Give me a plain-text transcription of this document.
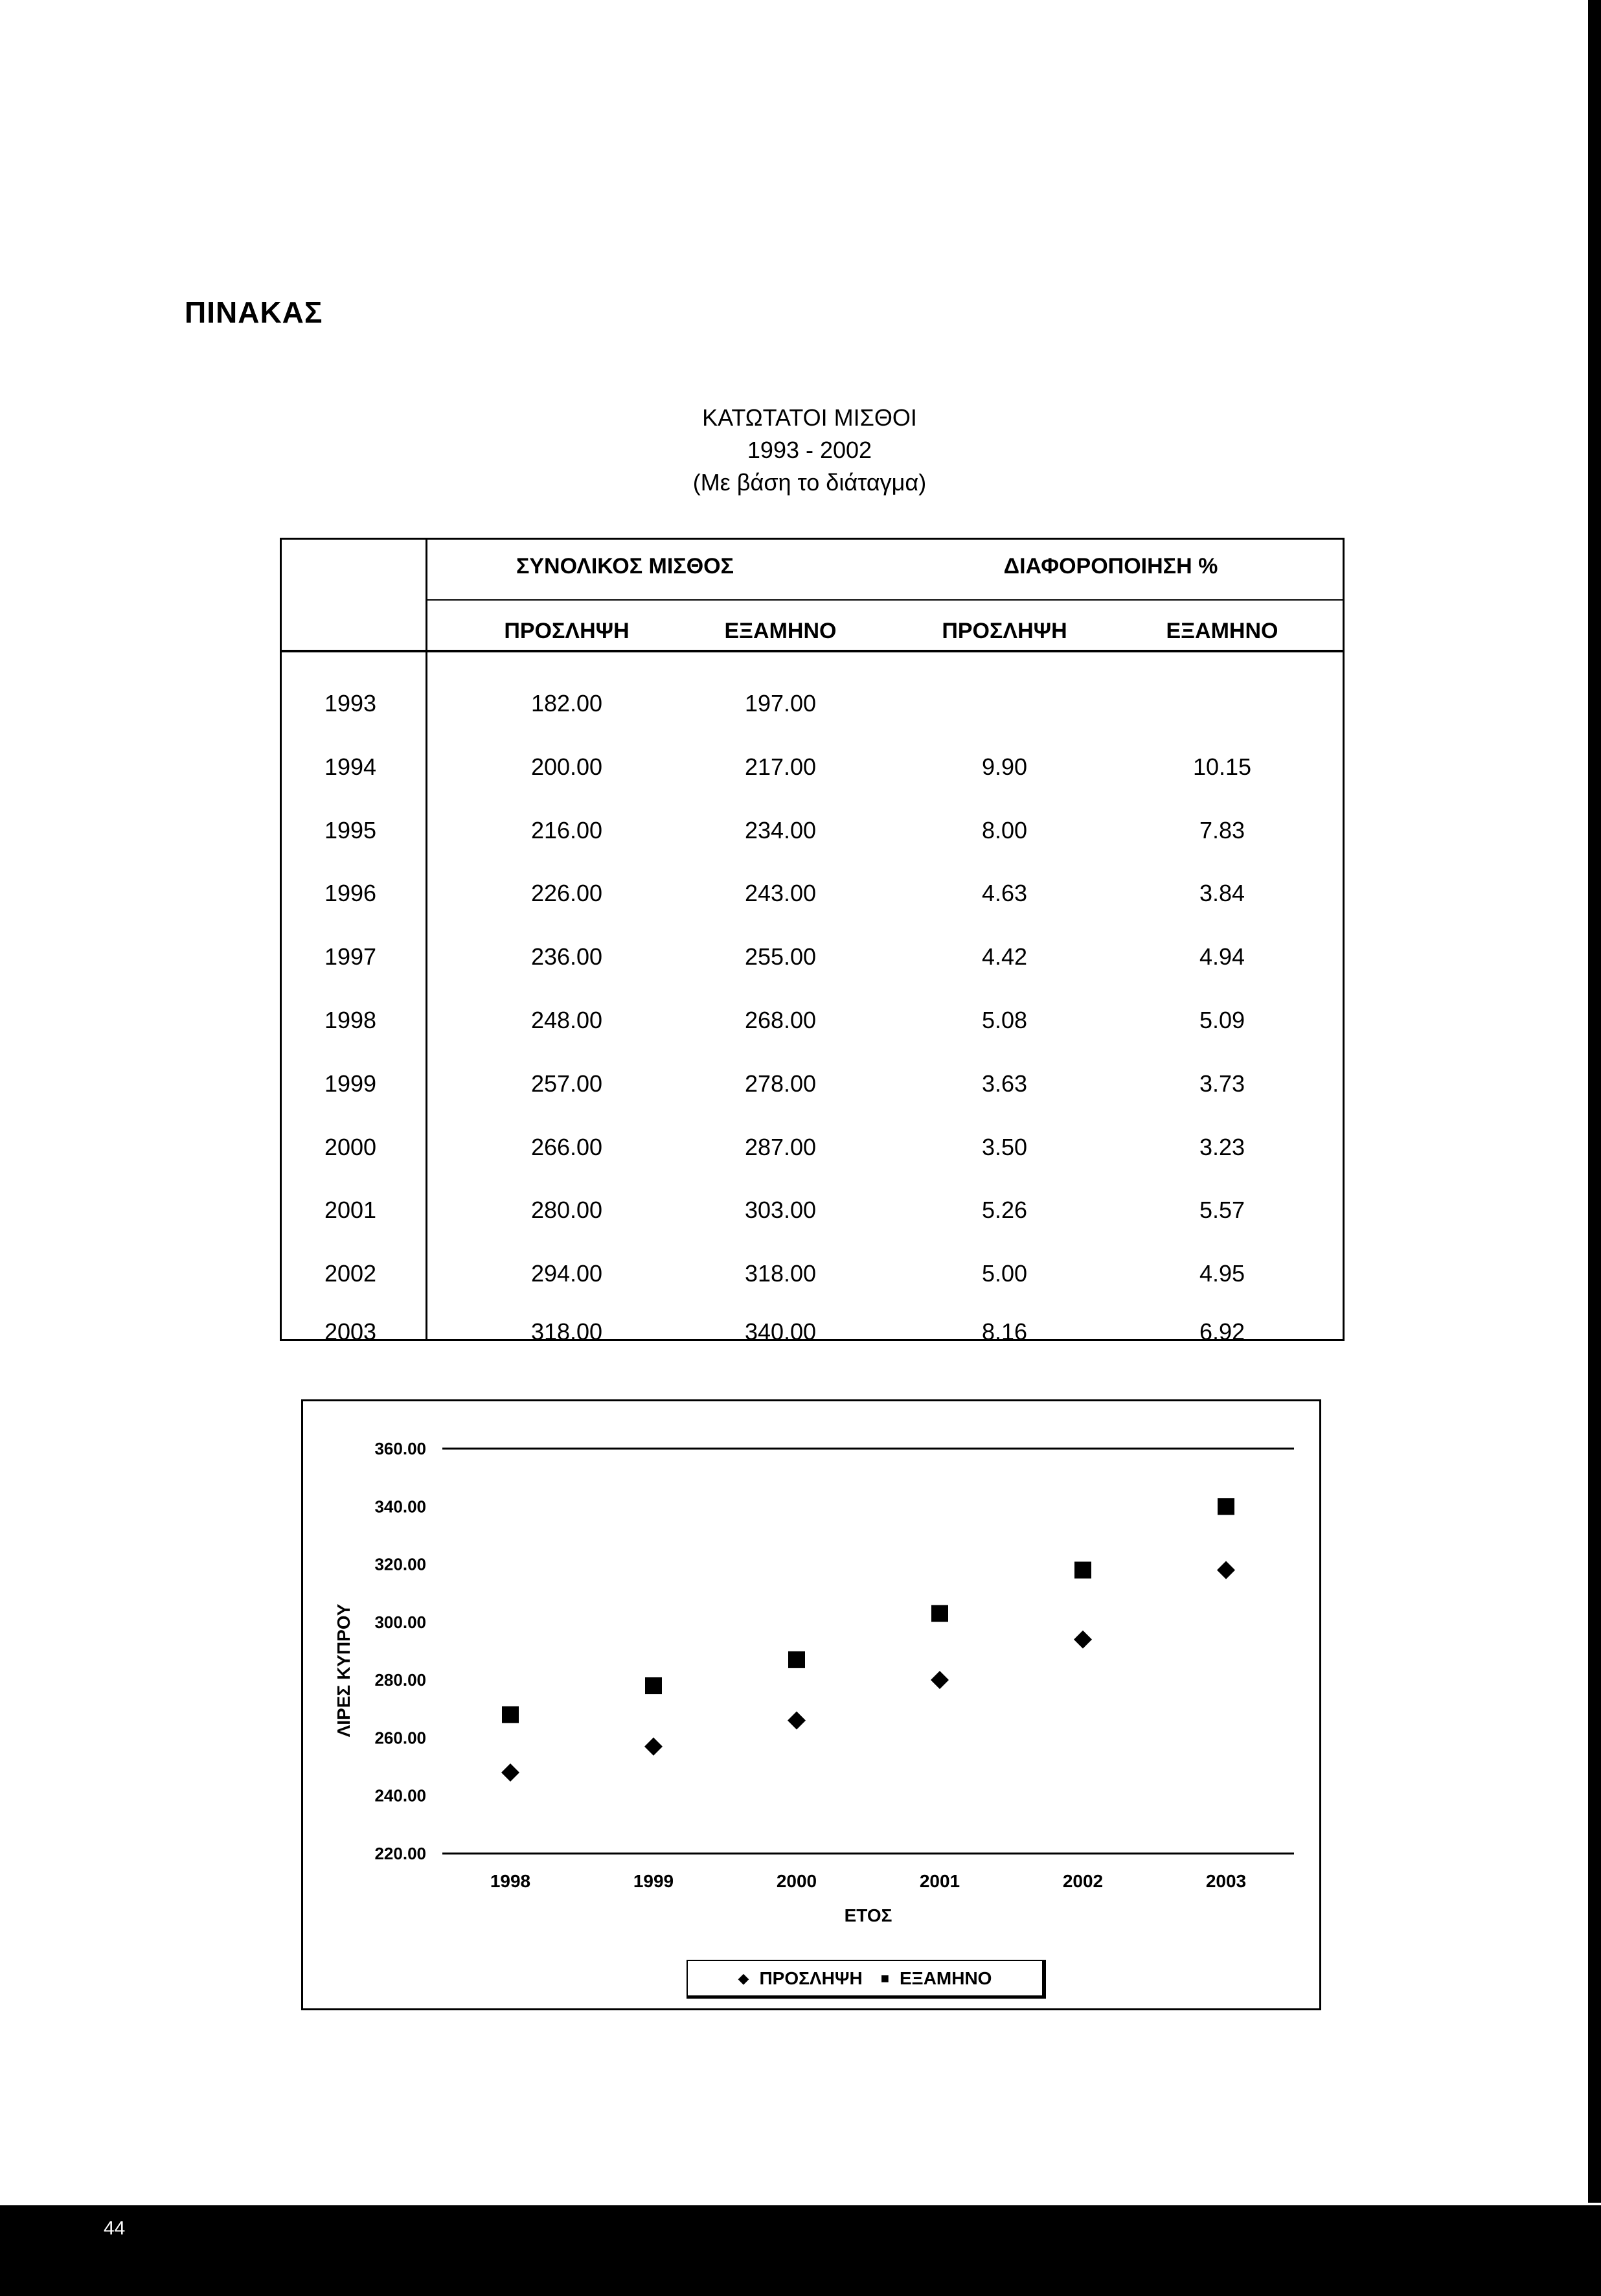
ΠΙΝΑΚΑΣ
ΚΑΤΩΤΑΤΟΙ ΜΙΣΘΟΙ
1993 - 2002
(Με βάση το διάταγμα)
ΣΥΝΟΛΙΚΟΣ ΜΙΣΘΟΣ	ΔΙΑΦΟΡΟΠΟΙΗΣΗ %
ΠΡΟΣΛΗΨΗ	ΕΞΑΜΗΝΟ	ΠΡΟΣΛΗΨΗ	ΕΞΑΜΗΝΟ
1993	182.00	197.00
1994	200.00	217.00	9.90	10.15
1995	216.00	234.00	8.00	7.83
1996	226.00	243.00	4.63	3.84
1997	236.00	255.00	4.42	4.94
1998	248.00	268.00	5.08	5.09
1999	257.00	278.00	3.63	3.73
2000	266.00	287.00	3.50	3.23
2001	280.00	303.00	5.26	5.57
2002	294.00	318.00	5.00	4.95
2003	318.00	340.00	8.16	6.92
220.00
240.00
260.00
280.00
300.00
320.00
340.00
360.00
1998	1999	2000	2001	2002	2003
ΕΤΟΣ
ΛΙΡΕΣ ΚΥΠΡΟΥ
◆ ΠΡΟΣΛΗΨΗ ■ ΕΞΑΜΗΝΟ
44
